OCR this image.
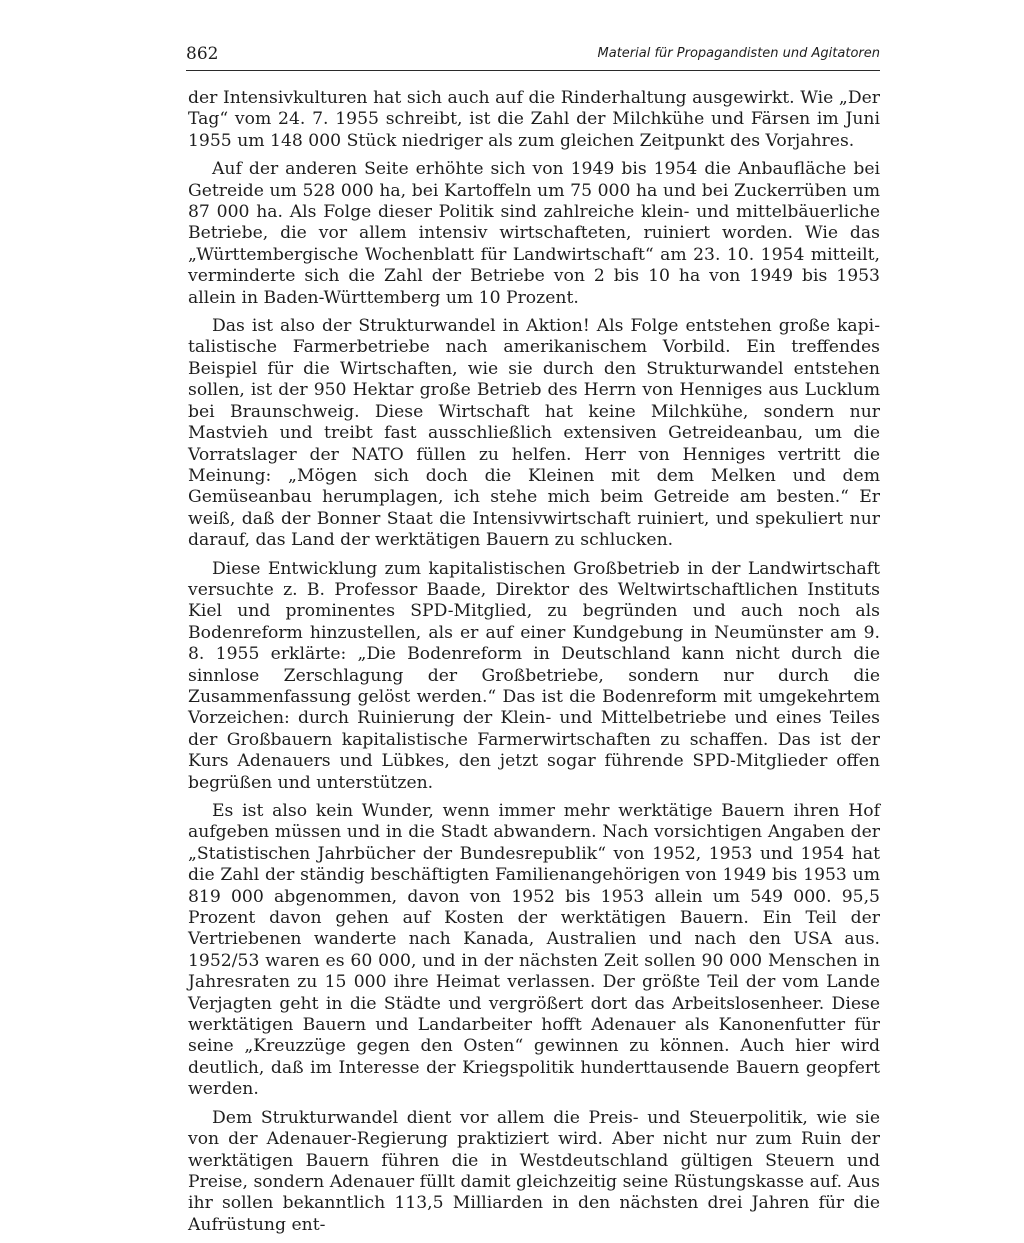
862	Material für Propagandisten und Agitatoren

der Intensivkulturen hat sich auch auf die Rinderhaltung ausgewirkt. Wie „Der Tag“ vom 24. 7. 1955 schreibt, ist die Zahl der Milchkühe und Färsen im Juni 1955 um 148 000 Stück niedriger als zum gleichen Zeitpunkt des Vorjahres.

Auf der anderen Seite erhöhte sich von 1949 bis 1954 die Anbaufläche bei Getreide um 528 000 ha, bei Kartoffeln um 75 000 ha und bei Zuckerrüben um 87 000 ha. Als Folge dieser Politik sind zahlreiche klein- und mittelbäuerliche Betriebe, die vor allem intensiv wirtschafteten, ruiniert worden. Wie das „Württembergische Wochenblatt für Landwirtschaft“ am 23. 10. 1954 mitteilt, verminderte sich die Zahl der Betriebe von 2 bis 10 ha von 1949 bis 1953 allein in Baden-Württemberg um 10 Prozent.

Das ist also der Strukturwandel in Aktion! Als Folge entstehen große kapitalistische Farmerbetriebe nach amerikanischem Vorbild. Ein treffendes Beispiel für die Wirtschaften, wie sie durch den Strukturwandel entstehen sollen, ist der 950 Hektar große Betrieb des Herrn von Henniges aus Lucklum bei Braunschweig. Diese Wirtschaft hat keine Milchkühe, sondern nur Mastvieh und treibt fast ausschließlich extensiven Getreideanbau, um die Vorratslager der NATO füllen zu helfen. Herr von Henniges vertritt die Meinung: „Mögen sich doch die Kleinen mit dem Melken und dem Gemüseanbau herumplagen, ich stehe mich beim Getreide am besten.“ Er weiß, daß der Bonner Staat die Intensivwirtschaft ruiniert, und spekuliert nur darauf, das Land der werktätigen Bauern zu schlucken.

Diese Entwicklung zum kapitalistischen Großbetrieb in der Landwirtschaft versuchte z. B. Professor Baade, Direktor des Weltwirtschaftlichen Instituts Kiel und prominentes SPD-Mitglied, zu begründen und auch noch als Bodenreform hinzustellen, als er auf einer Kundgebung in Neumünster am 9. 8. 1955 erklärte: „Die Bodenreform in Deutschland kann nicht durch die sinnlose Zerschlagung der Großbetriebe, sondern nur durch die Zusammenfassung gelöst werden.“ Das ist die Bodenreform mit umgekehrtem Vorzeichen: durch Ruinierung der Klein- und Mittelbetriebe und eines Teiles der Großbauern kapitalistische Farmerwirtschaften zu schaffen. Das ist der Kurs Adenauers und Lübkes, den jetzt sogar führende SPD-Mitglieder offen begrüßen und unterstützen.

Es ist also kein Wunder, wenn immer mehr werktätige Bauern ihren Hof aufgeben müssen und in die Stadt abwandern. Nach vorsichtigen Angaben der „Statistischen Jahrbücher der Bundesrepublik“ von 1952, 1953 und 1954 hat die Zahl der ständig beschäftigten Familienangehörigen von 1949 bis 1953 um 819 000 abgenommen, davon von 1952 bis 1953 allein um 549 000. 95,5 Prozent davon gehen auf Kosten der werktätigen Bauern. Ein Teil der Vertriebenen wanderte nach Kanada, Australien und nach den USA aus. 1952/53 waren es 60 000, und in der nächsten Zeit sollen 90 000 Menschen in Jahresraten zu 15 000 ihre Heimat verlassen. Der größte Teil der vom Lande Verjagten geht in die Städte und vergrößert dort das Arbeitslosenheer. Diese werktätigen Bauern und Landarbeiter hofft Adenauer als Kanonenfutter für seine „Kreuzzüge gegen den Osten“ gewinnen zu können. Auch hier wird deutlich, daß im Interesse der Kriegspolitik hunderttausende Bauern geopfert werden.

Dem Strukturwandel dient vor allem die Preis- und Steuerpolitik, wie sie von der Adenauer-Regierung praktiziert wird. Aber nicht nur zum Ruin der werktätigen Bauern führen die in Westdeutschland gültigen Steuern und Preise, sondern Adenauer füllt damit gleichzeitig seine Rüstungskasse auf. Aus ihr sollen bekanntlich 113,5 Milliarden in den nächsten drei Jahren für die Aufrüstung ent-
